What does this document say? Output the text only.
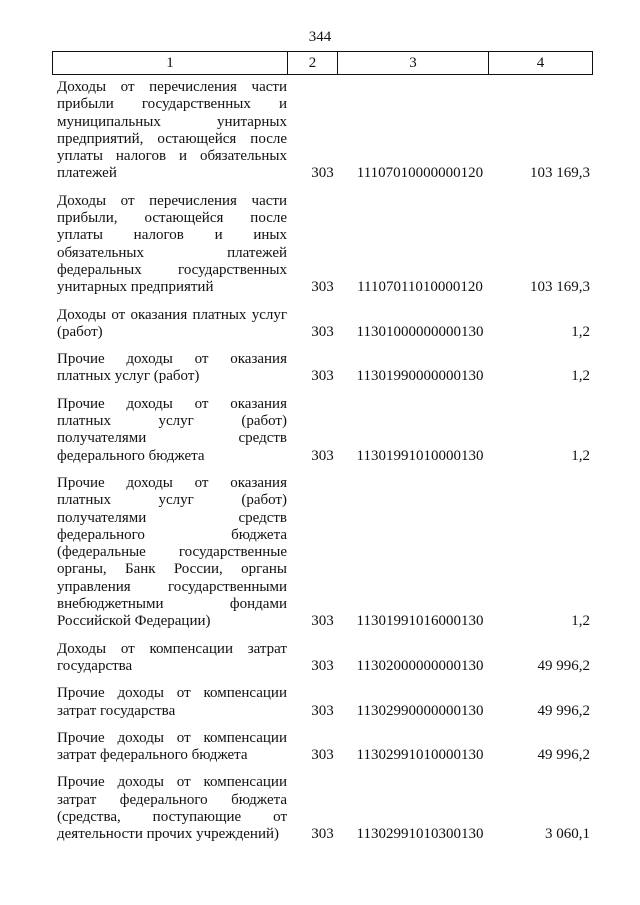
344
1	2	3	4
Доходы от перечисления части прибыли государственных и муниципальных унитарных предприятий, остающейся после уплаты налогов и обязательных платежей	303	11107010000000120	103 169,3
Доходы от перечисления части прибыли, остающейся после уплаты налогов и иных обязательных платежей федеральных государственных унитарных предприятий	303	11107011010000120	103 169,3
Доходы от оказания платных услуг (работ)	303	11301000000000130	1,2
Прочие доходы от оказания платных услуг (работ)	303	11301990000000130	1,2
Прочие доходы от оказания платных услуг (работ) получателями средств федерального бюджета	303	11301991010000130	1,2
Прочие доходы от оказания платных услуг (работ) получателями средств федерального бюджета (федеральные государственные органы, Банк России, органы управления государственными внебюджетными фондами Российской Федерации)	303	11301991016000130	1,2
Доходы от компенсации затрат государства	303	11302000000000130	49 996,2
Прочие доходы от компенсации затрат государства	303	11302990000000130	49 996,2
Прочие доходы от компенсации затрат федерального бюджета	303	11302991010000130	49 996,2
Прочие доходы от компенсации затрат федерального бюджета (средства, поступающие от деятельности прочих учреждений)	303	11302991010300130	3 060,1
